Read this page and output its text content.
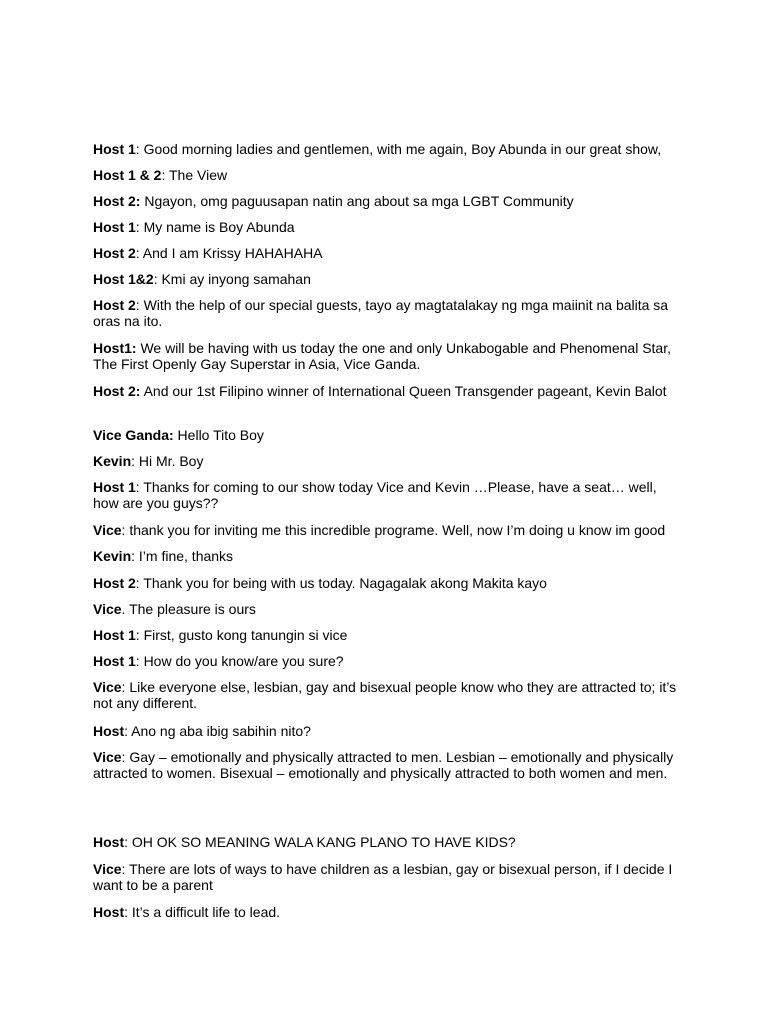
Host 1: Good morning ladies and gentlemen, with me again, Boy Abunda in our great show,
Host 1 & 2: The View
Host 2: Ngayon, omg paguusapan natin ang about sa mga LGBT Community
Host 1: My name is Boy Abunda
Host 2: And I am Krissy HAHAHAHA
Host 1&2: Kmi ay inyong samahan
Host 2: With the help of our special guests, tayo ay magtatalakay ng mga maiinit na balita sa oras na ito.
Host1: We will be having with us today the one and only Unkabogable and Phenomenal Star, The First Openly Gay Superstar in Asia, Vice Ganda.
Host 2: And our 1st Filipino winner of International Queen Transgender pageant, Kevin Balot
Vice Ganda: Hello Tito Boy
Kevin: Hi Mr. Boy
Host 1: Thanks for coming to our show today Vice and Kevin …Please, have a seat… well, how are you guys??
Vice: thank you for inviting me this incredible programe. Well, now I’m doing u know im good
Kevin: I’m fine, thanks
Host 2: Thank you for being with us today. Nagagalak akong Makita kayo
Vice. The pleasure is ours
Host 1: First, gusto kong tanungin si vice
Host 1: How do you know/are you sure?
Vice: Like everyone else, lesbian, gay and bisexual people know who they are attracted to; it’s not any different.
Host: Ano ng aba ibig sabihin nito?
Vice: Gay – emotionally and physically attracted to men. Lesbian – emotionally and physically attracted to women. Bisexual – emotionally and physically attracted to both women and men.
Host: OH OK SO MEANING WALA KANG PLANO TO HAVE KIDS?
Vice: There are lots of ways to have children as a lesbian, gay or bisexual person, if I decide I want to be a parent
Host: It’s a difficult life to lead.
